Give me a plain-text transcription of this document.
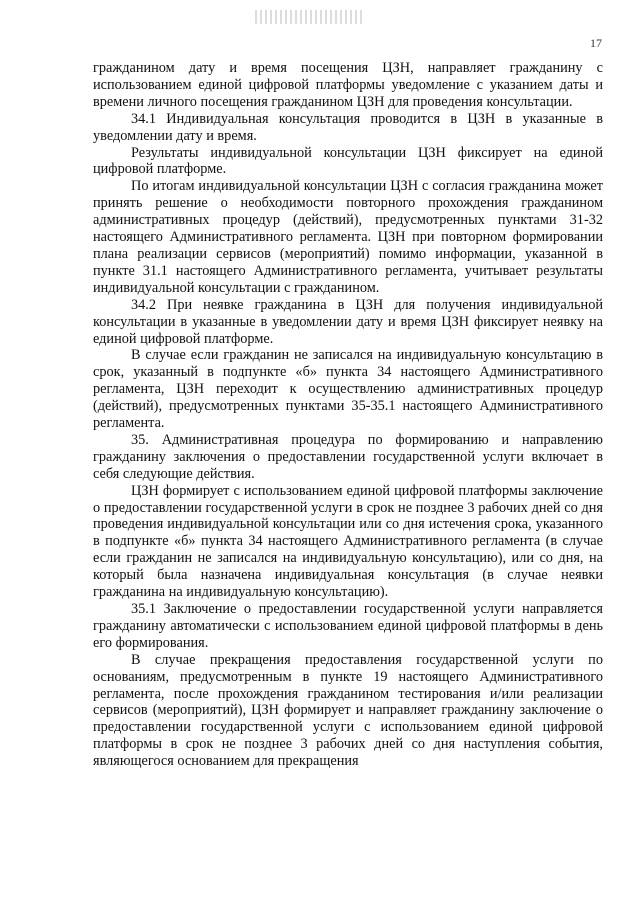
17

гражданином дату и время посещения ЦЗН, направляет гражданину с использованием единой цифровой платформы уведомление с указанием даты и времени личного посещения гражданином ЦЗН для проведения консультации.

34.1 Индивидуальная консультация проводится в ЦЗН в указанные в уведомлении дату и время.

Результаты индивидуальной консультации ЦЗН фиксирует на единой цифровой платформе.

По итогам индивидуальной консультации ЦЗН с согласия гражданина может принять решение о необходимости повторного прохождения гражданином административных процедур (действий), предусмотренных пунктами 31-32 настоящего Административного регламента. ЦЗН при повторном формировании плана реализации сервисов (мероприятий) помимо информации, указанной в пункте 31.1 настоящего Административного регламента, учитывает результаты индивидуальной консультации с гражданином.

34.2 При неявке гражданина в ЦЗН для получения индивидуальной консультации в указанные в уведомлении дату и время ЦЗН фиксирует неявку на единой цифровой платформе.

В случае если гражданин не записался на индивидуальную консультацию в срок, указанный в подпункте «б» пункта 34 настоящего Административного регламента, ЦЗН переходит к осуществлению административных процедур (действий), предусмотренных пунктами 35-35.1 настоящего Административного регламента.

35. Административная процедура по формированию и направлению гражданину заключения о предоставлении государственной услуги включает в себя следующие действия.

ЦЗН формирует с использованием единой цифровой платформы заключение о предоставлении государственной услуги в срок не позднее 3 рабочих дней со дня проведения индивидуальной консультации или со дня истечения срока, указанного в подпункте «б» пункта 34 настоящего Административного регламента (в случае если гражданин не записался на индивидуальную консультацию), или со дня, на который была назначена индивидуальная консультация (в случае неявки гражданина на индивидуальную консультацию).

35.1 Заключение о предоставлении государственной услуги направляется гражданину автоматически с использованием единой цифровой платформы в день его формирования.

В случае прекращения предоставления государственной услуги по основаниям, предусмотренным в пункте 19 настоящего Административного регламента, после прохождения гражданином тестирования и/или реализации сервисов (мероприятий), ЦЗН формирует и направляет гражданину заключение о предоставлении государственной услуги с использованием единой цифровой платформы в срок не позднее 3 рабочих дней со дня наступления события, являющегося основанием для прекращения
